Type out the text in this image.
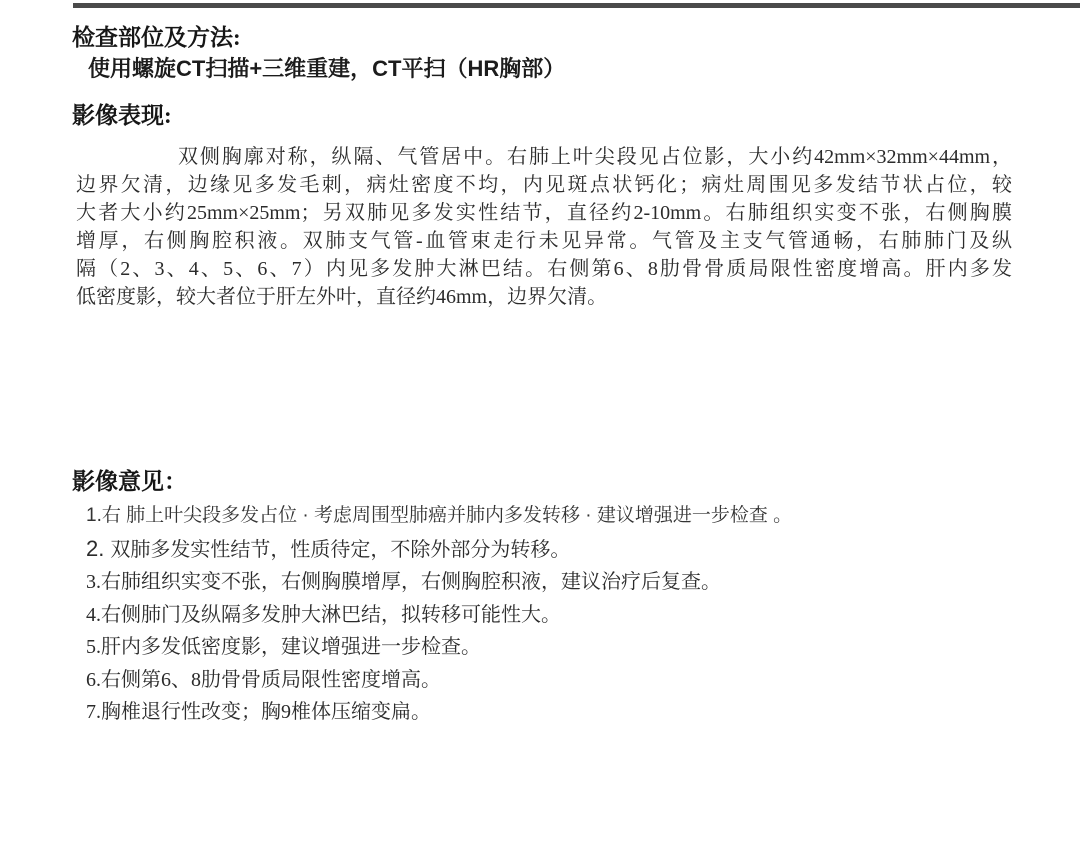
检查部位及方法:
使用螺旋CT扫描+三维重建，CT平扫（HR胸部）
影像表现:
双侧胸廓对称，纵隔、气管居中。右肺上叶尖段见占位影，大小约42mm×32mm×44mm，
边界欠清，边缘见多发毛刺，病灶密度不均，内见斑点状钙化；病灶周围见多发结节状占位，较
大者大小约25mm×25mm；另双肺见多发实性结节，直径约2-10mm。右肺组织实变不张，右侧胸膜
增厚，右侧胸腔积液。双肺支气管-血管束走行未见异常。气管及主支气管通畅，右肺肺门及纵
隔（2、3、4、5、6、7）内见多发肿大淋巴结。右侧第6、8肋骨骨质局限性密度增高。肝内多发
低密度影，较大者位于肝左外叶，直径约46mm，边界欠清。
影像意见：
1.右 肺上叶尖段多发占位 · 考虑周围型肺癌并肺内多发转移 · 建议增强进一步检查 。
2. 双肺多发实性结节，性质待定，不除外部分为转移。
3.右肺组织实变不张，右侧胸膜增厚，右侧胸腔积液，建议治疗后复查。
4.右侧肺门及纵隔多发肿大淋巴结，拟转移可能性大。
5.肝内多发低密度影，建议增强进一步检查。
6.右侧第6、8肋骨骨质局限性密度增高。
7.胸椎退行性改变；胸9椎体压缩变扁。
